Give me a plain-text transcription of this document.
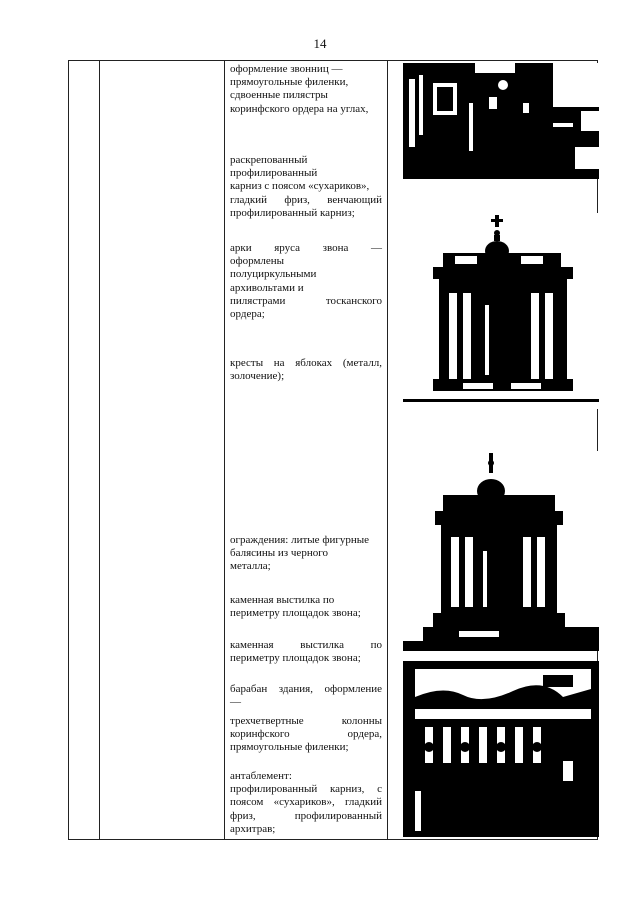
14

оформление звонниц —

прямоугольные филенки,

сдвоенные пилястры

коринфского ордера на углах,

раскрепованный

профилированный

карниз с поясом «сухариков»,

гладкий фриз, венчающий

профилированный карниз;

арки яруса звона —

оформлены

полуциркульными

архивольтами и

пилястрами тосканского

ордера;

кресты на яблоках (металл,

золочение);

ограждения: литые фигурные

балясины из черного

металла;

каменная выстилка по

периметру площадок звона;

каменная выстилка по

периметру площадок звона;

барабан здания, оформление

—

трехчетвертные колонны

коринфского ордера,

прямоугольные филенки;

антаблемент:

профилированный карниз, с

поясом «сухариков», гладкий

фриз, профилированный

архитрав;
